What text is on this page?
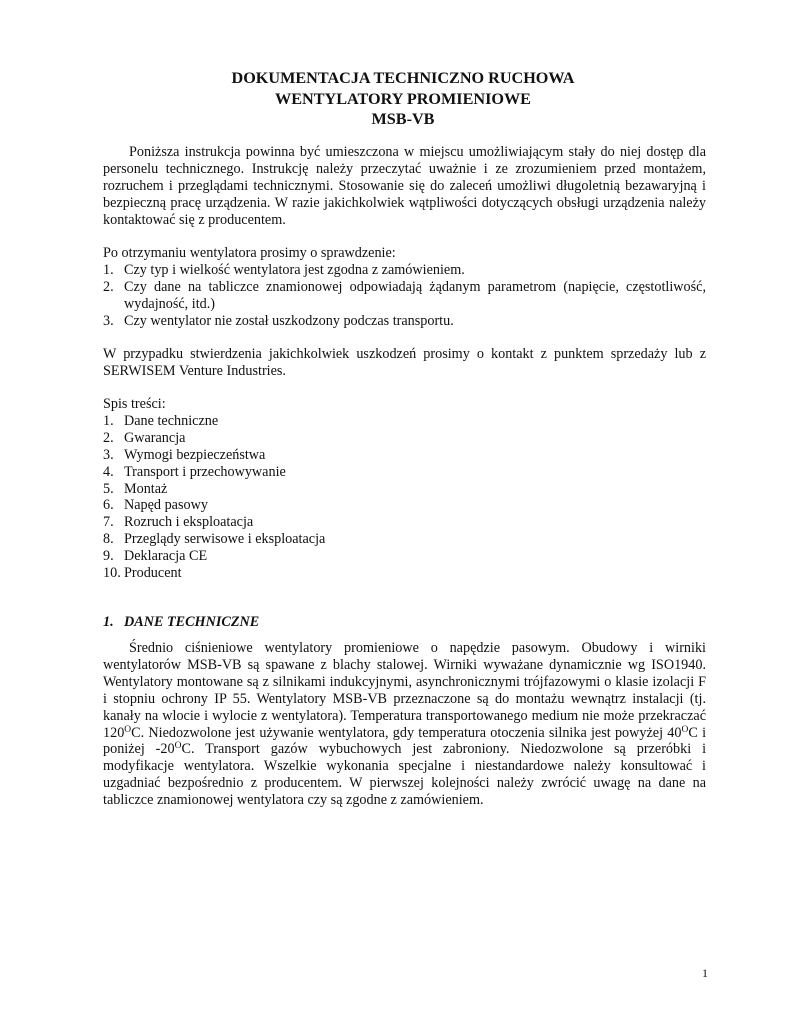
DOKUMENTACJA TECHNICZNO RUCHOWA
WENTYLATORY PROMIENIOWE
MSB-VB

Poniższa instrukcja powinna być umieszczona w miejscu umożliwiającym stały do niej dostęp dla personelu technicznego. Instrukcję należy przeczytać uważnie i ze zrozumieniem przed montażem, rozruchem i przeglądami technicznymi. Stosowanie się do zaleceń umożliwi długoletnią bezawaryjną i bezpieczną pracę urządzenia. W razie jakichkolwiek wątpliwości dotyczących obsługi urządzenia należy kontaktować się z producentem.

Po otrzymaniu wentylatora prosimy o sprawdzenie:

1. Czy typ i wielkość wentylatora jest zgodna z zamówieniem.
2. Czy dane na tabliczce znamionowej odpowiadają żądanym parametrom (napięcie, częstotliwość, wydajność, itd.)
3. Czy wentylator nie został uszkodzony podczas transportu.

W przypadku stwierdzenia jakichkolwiek uszkodzeń prosimy o kontakt z punktem sprzedaży lub z SERWISEM Venture Industries.

Spis treści:

1. Dane techniczne
2. Gwarancja
3. Wymogi bezpieczeństwa
4. Transport i przechowywanie
5. Montaż
6. Napęd pasowy
7. Rozruch i eksploatacja
8. Przeglądy serwisowe i eksploatacja
9. Deklaracja CE
10. Producent
1. DANE TECHNICZNE

Średnio ciśnieniowe wentylatory promieniowe o napędzie pasowym. Obudowy i wirniki wentylatorów MSB-VB są spawane z blachy stalowej. Wirniki wyważane dynamicznie wg ISO1940. Wentylatory montowane są z silnikami indukcyjnymi, asynchronicznymi trójfazowymi o klasie izolacji F i stopniu ochrony IP 55. Wentylatory MSB-VB przeznaczone są do montażu wewnątrz instalacji (tj. kanały na wlocie i wylocie z wentylatora). Temperatura transportowanego medium nie może przekraczać $120^OC$. Niedozwolone jest używanie wentylatora, gdy temperatura otoczenia silnika jest powyżej $40^OC$ i poniżej $-20^OC$. Transport gazów wybuchowych jest zabroniony. Niedozwolone są przeróbki i modyfikacje wentylatora. Wszelkie wykonania specjalne i niestandardowe należy konsultować i uzgadniać bezpośrednio z producentem. W pierwszej kolejności należy zwrócić uwagę na dane na tabliczce znamionowej wentylatora czy są zgodne z zamówieniem.

1
